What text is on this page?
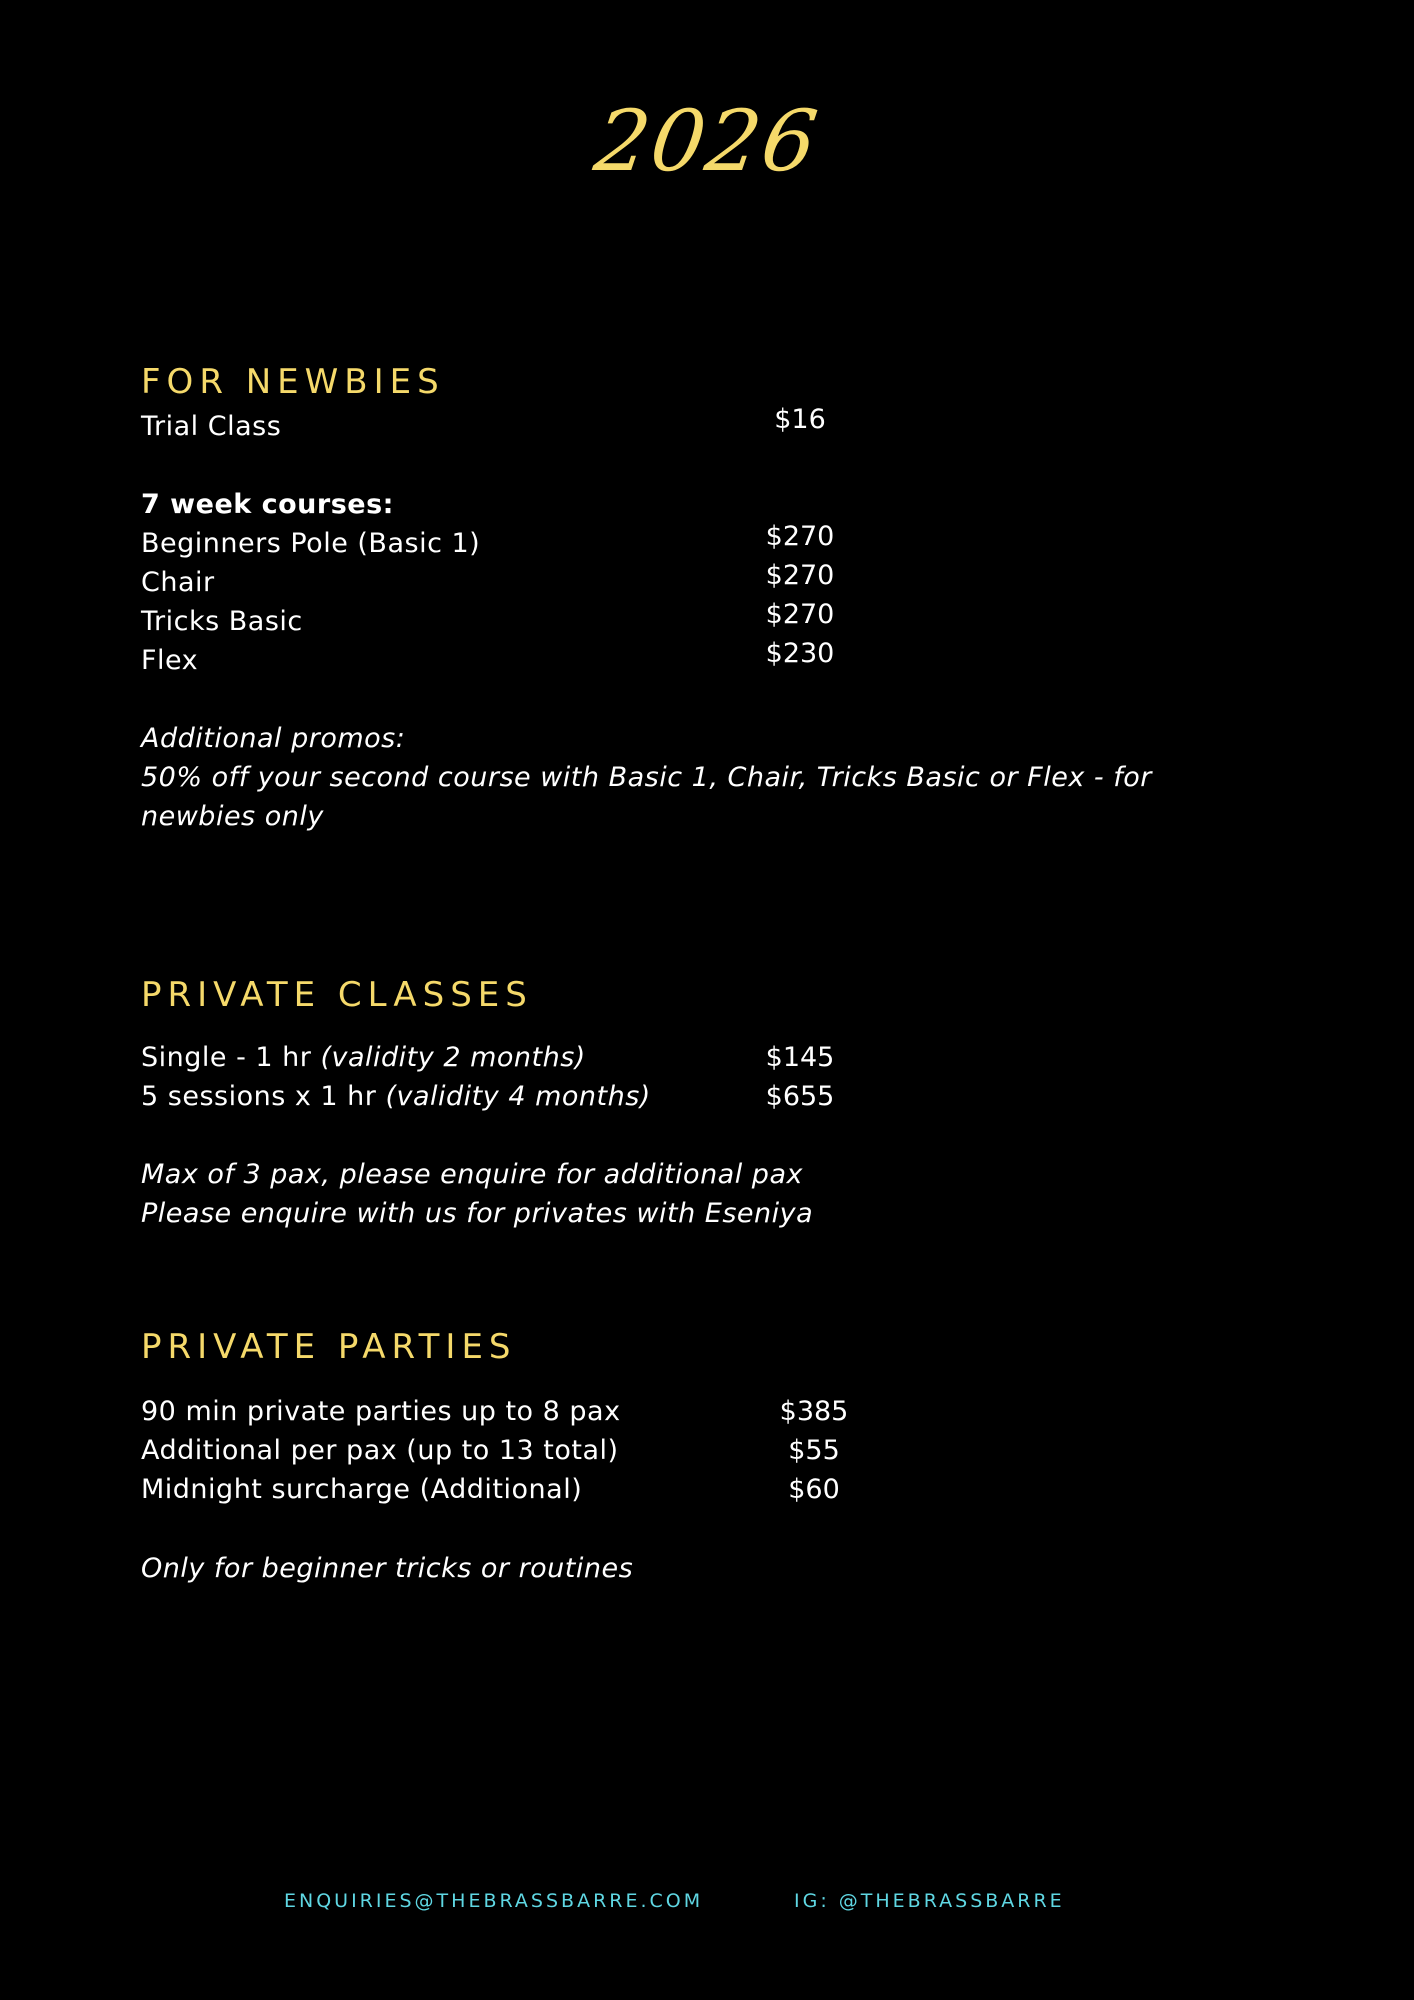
2026
FOR NEWBIES
Trial Class	$16
7 week courses:
Beginners Pole (Basic 1)	$270
Chair	$270
Tricks Basic	$270
Flex	$230
Additional promos:
50% off your second course with Basic 1, Chair, Tricks Basic or Flex - for
newbies only
PRIVATE CLASSES
Single - 1 hr (validity 2 months)	$145
5 sessions x 1 hr (validity 4 months)	$655
Max of 3 pax, please enquire for additional pax
Please enquire with us for privates with Eseniya
PRIVATE PARTIES
90 min private parties up to 8 pax	$385
Additional per pax (up to 13 total)	$55
Midnight surcharge (Additional)	$60
Only for beginner tricks or routines
ENQUIRIES@THEBRASSBARRE.COM	IG: @THEBRASSBARRE
